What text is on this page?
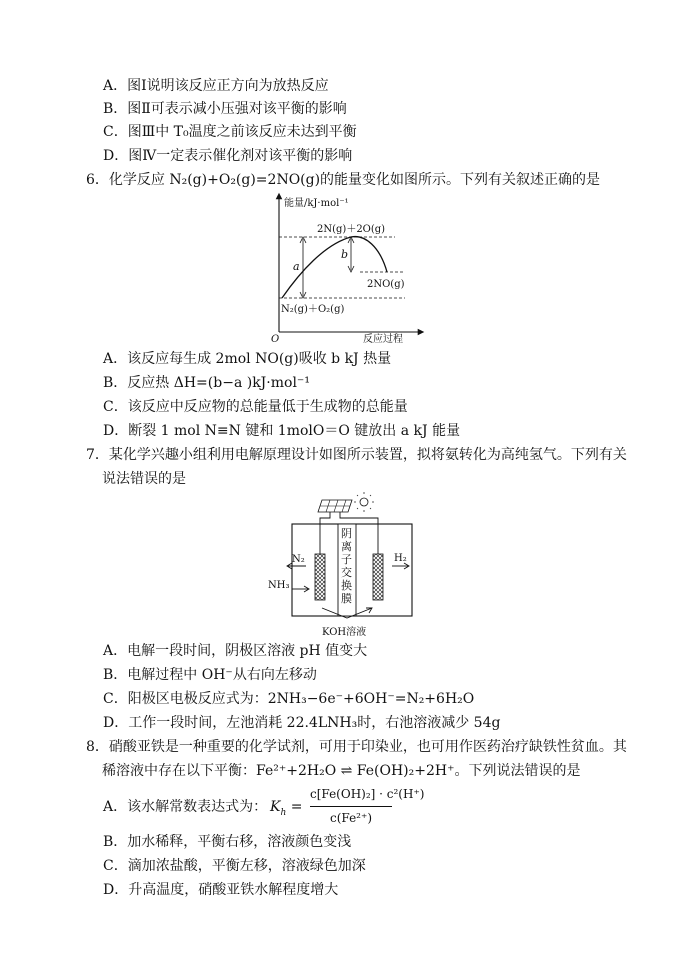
A．图Ⅰ说明该反应正方向为放热反应
B．图Ⅱ可表示减小压强对该平衡的影响
C．图Ⅲ中 T₀温度之前该反应未达到平衡
D．图Ⅳ一定表示催化剂对该平衡的影响
6．化学反应 N₂(g)+O₂(g)=2NO(g)的能量变化如图所示。下列有关叙述正确的是
能量/kJ·mol⁻¹
O	反应过程
a
b
2N(g)＋2O(g)
2NO(g)
N₂(g)＋O₂(g)
A．该反应每生成 2mol NO(g)吸收 b kJ 热量
B．反应热 ΔH=(b−a )kJ·mol⁻¹
C．该反应中反应物的总能量低于生成物的总能量
D．断裂 1 mol N≡N 键和 1molO＝O 键放出 a kJ 能量
7．某化学兴趣小组利用电解原理设计如图所示装置，拟将氨转化为高纯氢气。下列有关
说法错误的是
N₂	H₂
NH₃
KOH溶液
阴
离
子
交
换
膜
A．电解一段时间，阴极区溶液 pH 值变大
B．电解过程中 OH⁻从右向左移动
C．阳极区电极反应式为：2NH₃−6e⁻+6OH⁻=N₂+6H₂O
D．工作一段时间，左池消耗 22.4LNH₃时，右池溶液减少 54g
8．硝酸亚铁是一种重要的化学试剂，可用于印染业，也可用作医药治疗缺铁性贫血。其
稀溶液中存在以下平衡：Fe²⁺+2H₂O ⇌ Fe(OH)₂+2H⁺。下列说法错误的是
A．该水解常数表达式为： $K_h$ =
c[Fe(OH)₂] · c²(H⁺)
c(Fe²⁺)
B．加水稀释，平衡右移，溶液颜色变浅
C．滴加浓盐酸，平衡左移，溶液绿色加深
D．升高温度，硝酸亚铁水解程度增大
